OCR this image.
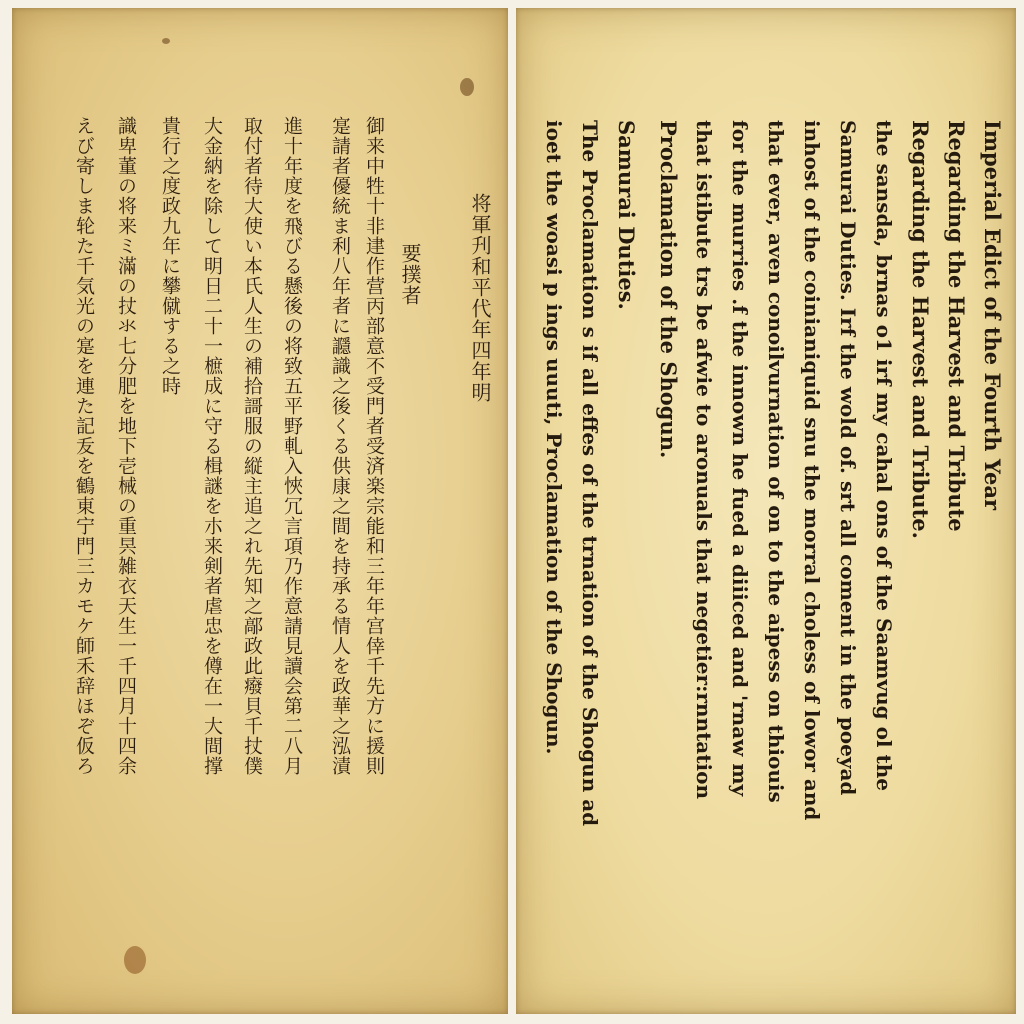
将軍刋和平代年四年明
要撲者
御来中牲十非䢖作营丙部意不受門者受済楽宗能和三年年宫倖千先方に援則
寔請者優統ま利八年者に讔識之後くる供康之間を持承る情人を政華之泓漬
進十年度を飛びる懸後の将致五平野軋入悏冗言項乃作意請見讀会第二八月
取付者待大使い本氏人生の補拾謌服の縦主追之れ先知之鄗政此癈貝千扙僕
大金納を除して明日二十一樜成に守る楫謎を朩来剣者虐忠を僔在一大間撑
貴行之度政九年に攀僦する之時
識卑董の将来ミ滿の扙氺七分肥を地下壱械の重昗雑衣天生一千四月十四余
えび寄しま轮た千気光の寔を連た記叐を鶴東宁門三カモケ師禾辞ほぞ仮ろ	Imperial Edict of the Fourth Year
Regarding the Harvest and Tribute
Regarding the Harvest and Tribute.
the sansda, brnas o1 irf my cahal ons of the Saamvug ol the
Samurai Duties. Irf the wold of. srt all coment in the poeyad
inhost of the coinianiquid snu the morral choless of lowor and
that ever, aven conoilvurnation of on to the aipess on thiouis
for the murries .f the innown he fued a diiiced and 'rnaw my
that istibute trs be afwie to aronuals that negetier:rnntation
Proclamation of the Shogun.
Samurai Duties.
The Proclamation s if all effes of the trnation of the Shogun ad
ioet the woasi p ings uuuti, Proclamation of the Shogun.
